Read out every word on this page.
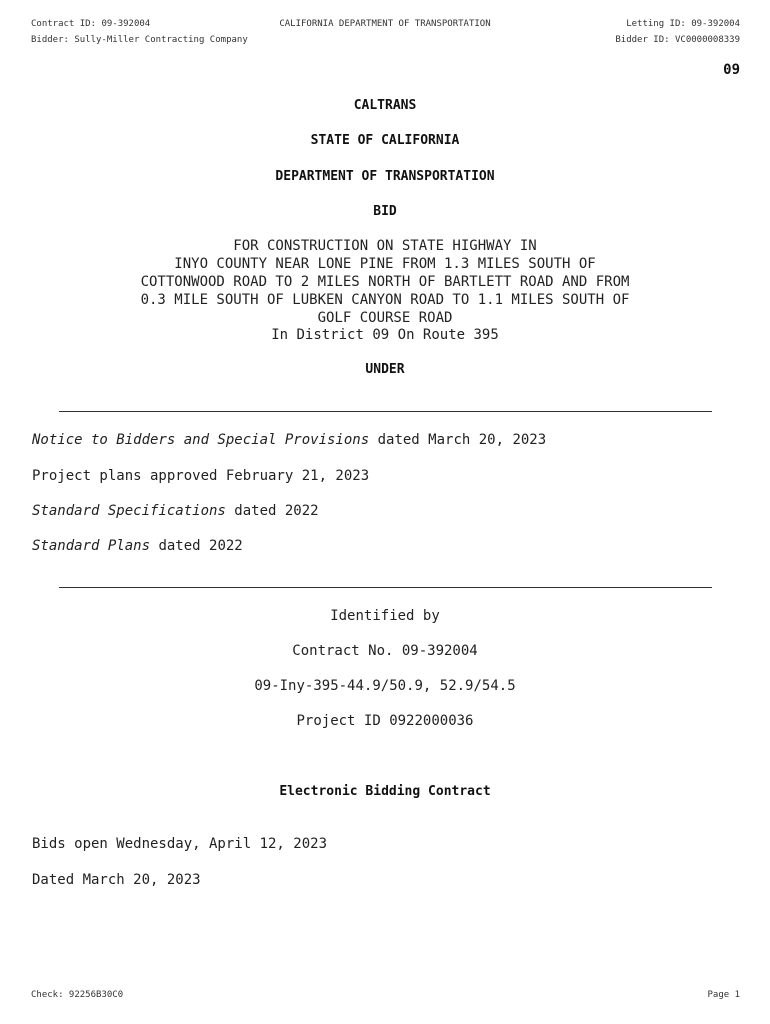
Contract ID: 09-392004	CALIFORNIA DEPARTMENT OF TRANSPORTATION	Letting ID: 09-392004
Bidder: Sully-Miller Contracting Company	Bidder ID: VC0000008339
09
CALTRANS
STATE OF CALIFORNIA
DEPARTMENT OF TRANSPORTATION
BID
FOR CONSTRUCTION ON STATE HIGHWAY IN
INYO COUNTY NEAR LONE PINE FROM 1.3 MILES SOUTH OF
COTTONWOOD ROAD TO 2 MILES NORTH OF BARTLETT ROAD AND FROM
0.3 MILE SOUTH OF LUBKEN CANYON ROAD TO 1.1 MILES SOUTH OF
GOLF COURSE ROAD
In District 09 On Route 395
UNDER
Notice to Bidders and Special Provisions dated March 20, 2023
Project plans approved February 21, 2023
Standard Specifications dated 2022
Standard Plans dated 2022
Identified by
Contract No. 09-392004
09-Iny-395-44.9/50.9, 52.9/54.5
Project ID 0922000036
Electronic Bidding Contract
Bids open Wednesday, April 12, 2023
Dated March 20, 2023
Check: 92256B30C0	Page 1
